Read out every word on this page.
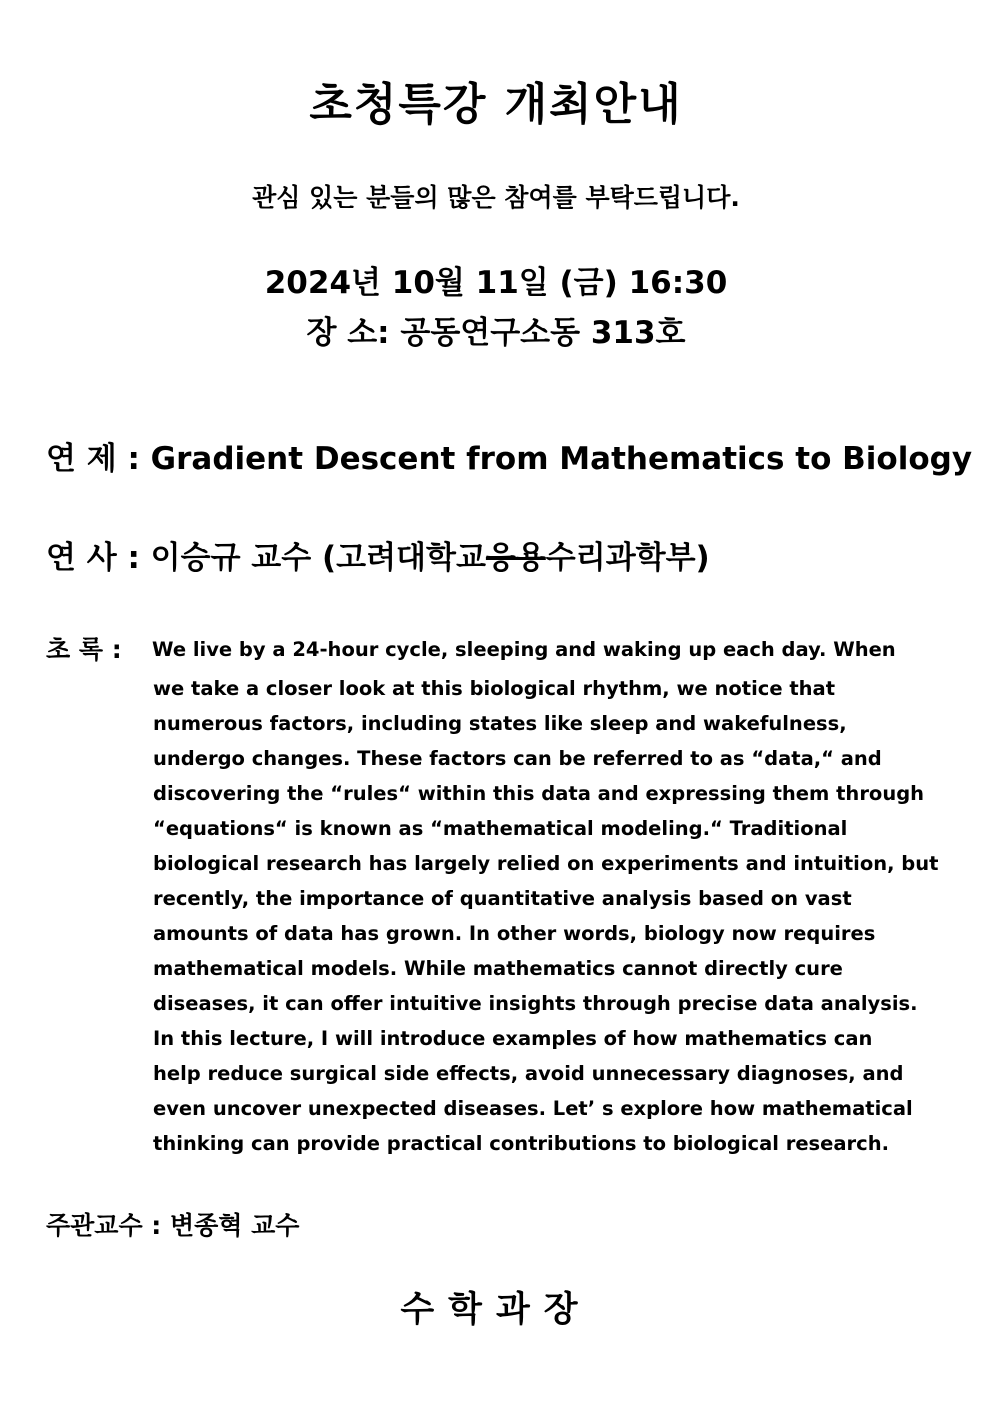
초청특강 개최안내
관심 있는 분들의 많은 참여를 부탁드립니다.
2024년 10월 11일 (금) 16:30
장 소: 공동연구소동 313호
연 제 : Gradient Descent from Mathematics to Biology
연 사 : 이승규 교수 (고려대학교응용수리과학부)
초 록 : We live by a 24-hour cycle, sleeping and waking up each day. When
we take a closer look at this biological rhythm, we notice that
numerous factors, including states like sleep and wakefulness,
undergo changes. These factors can be referred to as “data,“ and
discovering the “rules“ within this data and expressing them through
“equations“ is known as “mathematical modeling.“ Traditional
biological research has largely relied on experiments and intuition, but
recently, the importance of quantitative analysis based on vast
amounts of data has grown. In other words, biology now requires
mathematical models. While mathematics cannot directly cure
diseases, it can offer intuitive insights through precise data analysis.
In this lecture, I will introduce examples of how mathematics can
help reduce surgical side effects, avoid unnecessary diagnoses, and
even uncover unexpected diseases. Let’ s explore how mathematical
thinking can provide practical contributions to biological research.
주관교수 : 변종혁 교수
수학과장
